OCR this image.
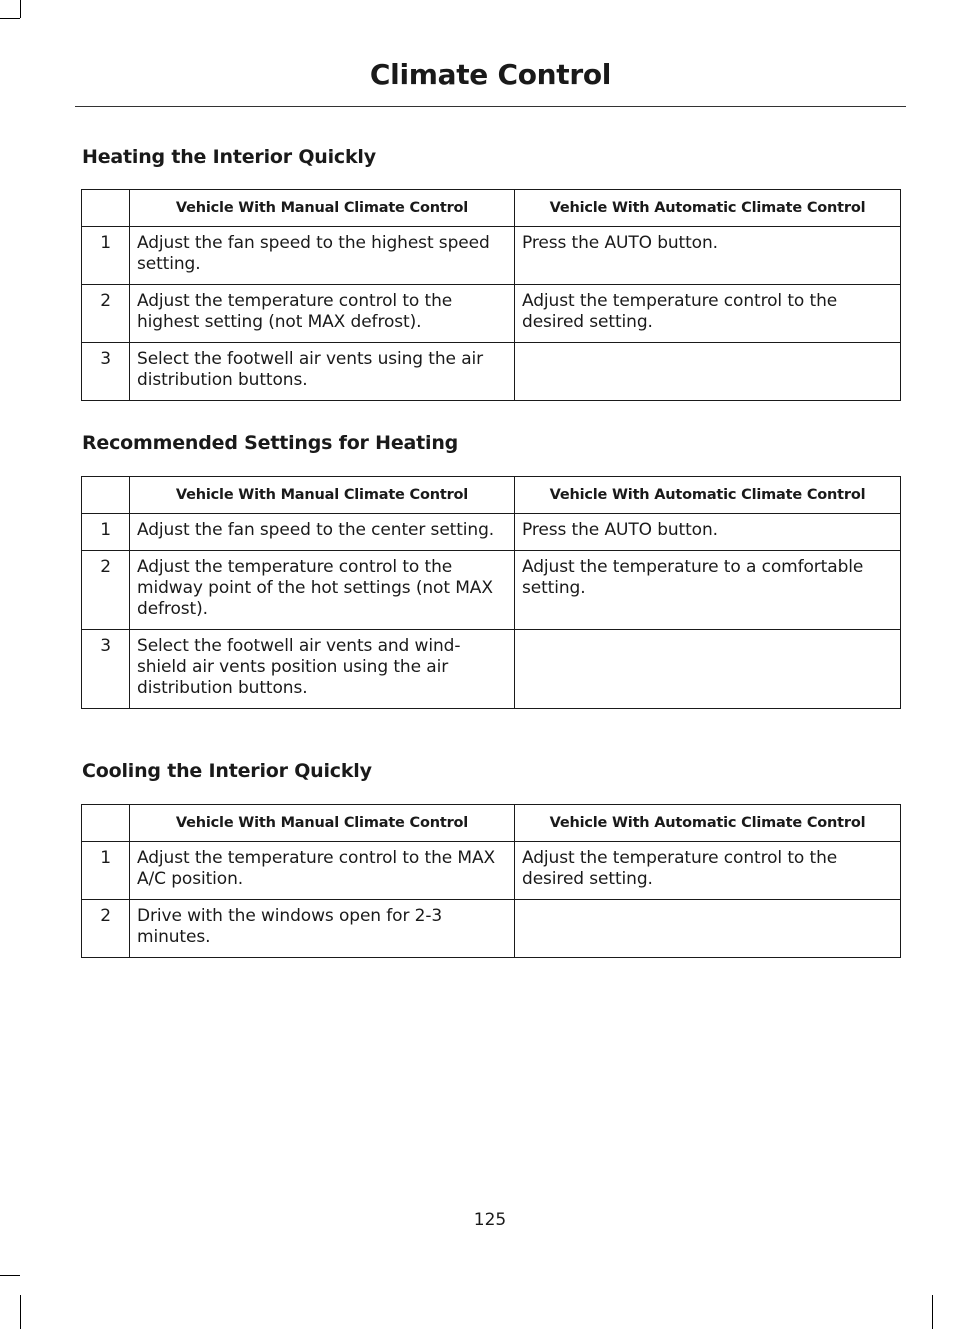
Climate Control
Heating the Interior Quickly
	Vehicle With Manual Climate Control	Vehicle With Automatic Climate Control
1	Adjust the fan speed to the highest speed setting.	Press the AUTO button.
2	Adjust the temperature control to the highest setting (not MAX defrost).	Adjust the temperature control to the desired setting.
3	Select the footwell air vents using the air distribution buttons.	
Recommended Settings for Heating
	Vehicle With Manual Climate Control	Vehicle With Automatic Climate Control
1	Adjust the fan speed to the center setting.	Press the AUTO button.
2	Adjust the temperature control to the midway point of the hot settings (not MAX defrost).	Adjust the temperature to a comfortable setting.
3	Select the footwell air vents and wind-shield air vents position using the air distribution buttons.	
Cooling the Interior Quickly
	Vehicle With Manual Climate Control	Vehicle With Automatic Climate Control
1	Adjust the temperature control to the MAX A/C position.	Adjust the temperature control to the desired setting.
2	Drive with the windows open for 2-3 minutes.	
125
